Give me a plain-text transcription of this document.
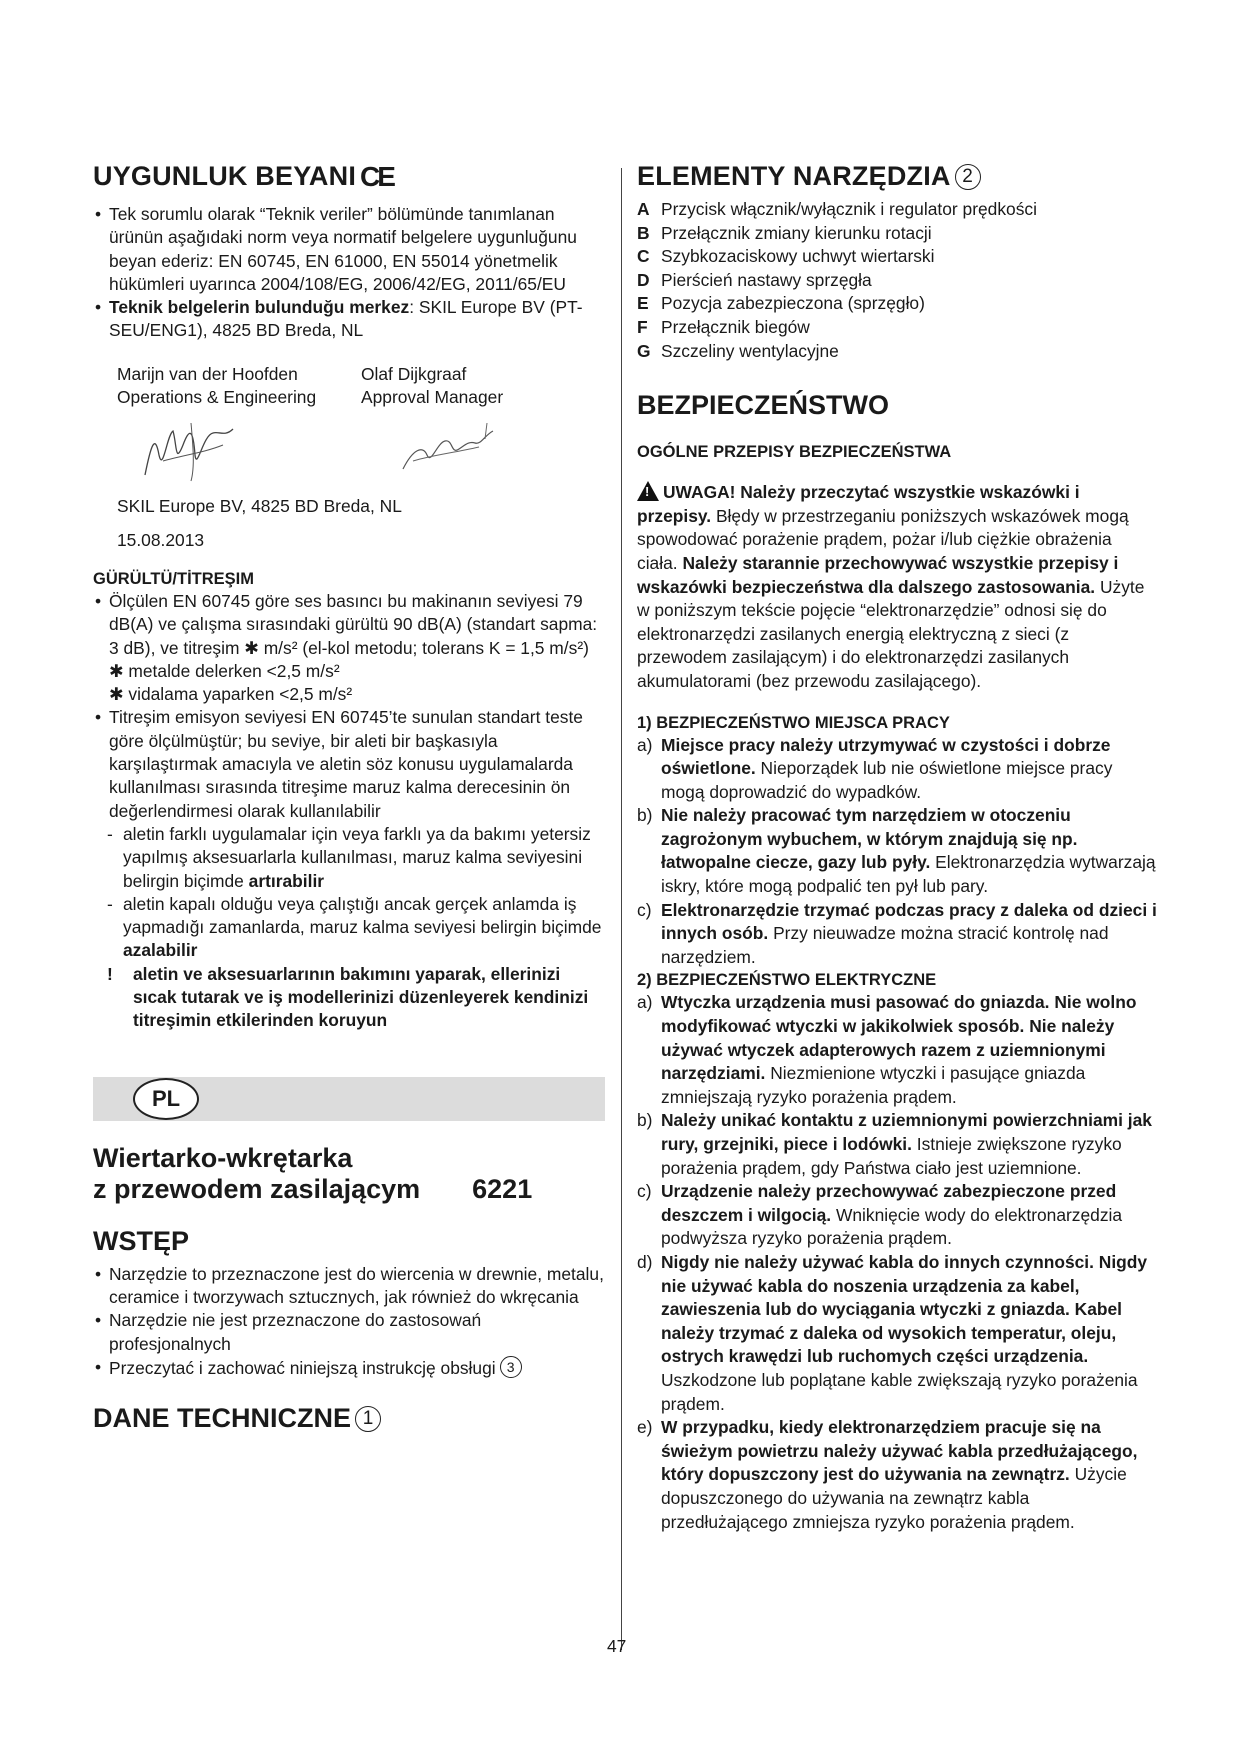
UYGUNLUK BEYANI CE
• Tek sorumlu olarak “Teknik veriler” bölümünde tanımlanan ürünün aşağıdaki norm veya normatif belgelere uygunluğunu beyan ederiz: EN 60745, EN 61000, EN 55014 yönetmelik hükümleri uyarınca 2004/108/EG, 2006/42/EG, 2011/65/EU
• Teknik belgelerin bulunduğu merkez: SKIL Europe BV (PT-SEU/ENG1), 4825 BD Breda, NL
Marijn van der Hoofden
Operations & Engineering
Olaf Dijkgraaf
Approval Manager
SKIL Europe BV, 4825 BD Breda, NL
15.08.2013
GÜRÜLTÜ/TİTREŞIM
• Ölçülen EN 60745 göre ses basıncı bu makinanın seviyesi 79 dB(A) ve çalışma sırasındaki gürültü 90 dB(A) (standart sapma: 3 dB), ve titreşim ✱ m/s² (el-kol metodu; tolerans K = 1,5 m/s²)
✱ metalde delerken <2,5 m/s²
✱ vidalama yaparken <2,5 m/s²
• Titreşim emisyon seviyesi EN 60745’te sunulan standart teste göre ölçülmüştür; bu seviye, bir aleti bir başkasıyla karşılaştırmak amacıyla ve aletin söz konusu uygulamalarda kullanılması sırasında titreşime maruz kalma derecesinin ön değerlendirmesi olarak kullanılabilir
- aletin farklı uygulamalar için veya farklı ya da bakımı yetersiz yapılmış aksesuarlarla kullanılması, maruz kalma seviyesini belirgin biçimde artırabilir
- aletin kapalı olduğu veya çalıştığı ancak gerçek anlamda iş yapmadığı zamanlarda, maruz kalma seviyesi belirgin biçimde azalabilir
! aletin ve aksesuarlarının bakımını yaparak, ellerinizi sıcak tutarak ve iş modellerinizi düzenleyerek kendinizi titreşimin etkilerinden koruyun
PL
Wiertarko-wkrętarka
z przewodem zasilającym 6221
WSTĘP
• Narzędzie to przeznaczone jest do wiercenia w drewnie, metalu, ceramice i tworzywach sztucznych, jak również do wkręcania
• Narzędzie nie jest przeznaczone do zastosowań profesjonalnych
• Przeczytać i zachować niniejszą instrukcję obsługi 3
DANE TECHNICZNE 1
ELEMENTY NARZĘDZIA 2
A Przycisk włącznik/wyłącznik i regulator prędkości
B Przełącznik zmiany kierunku rotacji
C Szybkozaciskowy uchwyt wiertarski
D Pierścień nastawy sprzęgła
E Pozycja zabezpieczona (sprzęgło)
F Przełącznik biegów
G Szczeliny wentylacyjne
BEZPIECZEŃSTWO
OGÓLNE PRZEPISY BEZPIECZEŃSTWA
! UWAGA! Należy przeczytać wszystkie wskazówki i przepisy. Błędy w przestrzeganiu poniższych wskazówek mogą spowodować porażenie prądem, pożar i/lub ciężkie obrażenia ciała. Należy starannie przechowywać wszystkie przepisy i wskazówki bezpieczeństwa dla dalszego zastosowania. Użyte w poniższym tekście pojęcie “elektronarzędzie” odnosi się do elektronarzędzi zasilanych energią elektryczną z sieci (z przewodem zasilającym) i do elektronarzędzi zasilanych akumulatorami (bez przewodu zasilającego).
1) BEZPIECZEŃSTWO MIEJSCA PRACY
a) Miejsce pracy należy utrzymywać w czystości i dobrze oświetlone. Nieporządek lub nie oświetlone miejsce pracy mogą doprowadzić do wypadków.
b) Nie należy pracować tym narzędziem w otoczeniu zagrożonym wybuchem, w którym znajdują się np. łatwopalne ciecze, gazy lub pyły. Elektronarzędzia wytwarzają iskry, które mogą podpalić ten pył lub pary.
c) Elektronarzędzie trzymać podczas pracy z daleka od dzieci i innych osób. Przy nieuwadze można stracić kontrolę nad narzędziem.
2) BEZPIECZEŃSTWO ELEKTRYCZNE
a) Wtyczka urządzenia musi pasować do gniazda. Nie wolno modyfikować wtyczki w jakikolwiek sposób. Nie należy używać wtyczek adapterowych razem z uziemnionymi narzędziami. Niezmienione wtyczki i pasujące gniazda zmniejszają ryzyko porażenia prądem.
b) Należy unikać kontaktu z uziemnionymi powierzchniami jak rury, grzejniki, piece i lodówki. Istnieje zwiększone ryzyko porażenia prądem, gdy Państwa ciało jest uziemnione.
c) Urządzenie należy przechowywać zabezpieczone przed deszczem i wilgocią. Wniknięcie wody do elektronarzędzia podwyższa ryzyko porażenia prądem.
d) Nigdy nie należy używać kabla do innych czynności. Nigdy nie używać kabla do noszenia urządzenia za kabel, zawieszenia lub do wyciągania wtyczki z gniazda. Kabel należy trzymać z daleka od wysokich temperatur, oleju, ostrych krawędzi lub ruchomych części urządzenia. Uszkodzone lub poplątane kable zwiększają ryzyko porażenia prądem.
e) W przypadku, kiedy elektronarzędziem pracuje się na świeżym powietrzu należy używać kabla przedłużającego, który dopuszczony jest do używania na zewnątrz. Użycie dopuszczonego do używania na zewnątrz kabla przedłużającego zmniejsza ryzyko porażenia prądem.
47
